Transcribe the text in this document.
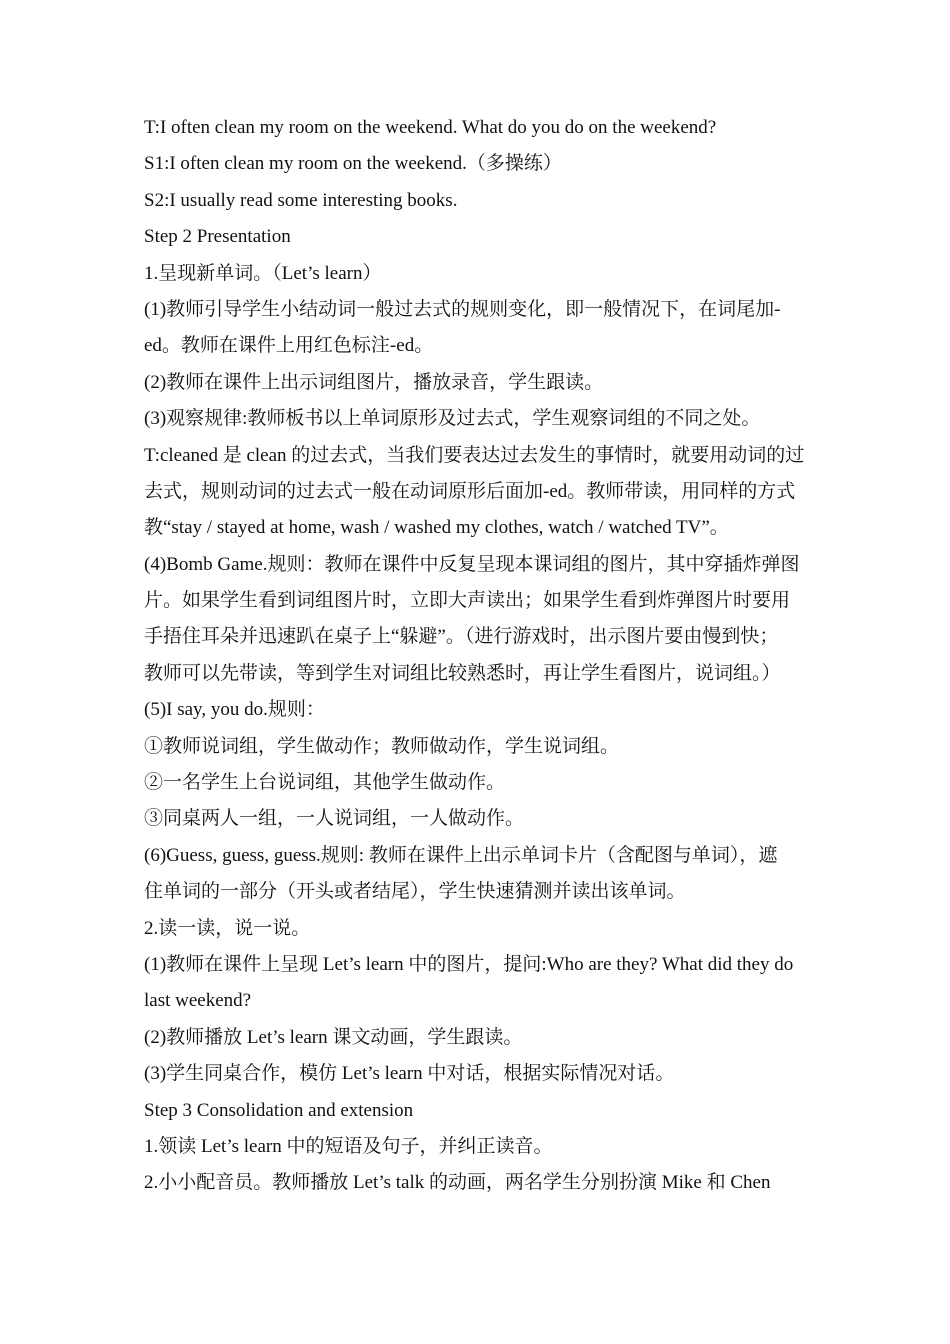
T:I often clean my room on the weekend. What do you do on the weekend?
S1:I often clean my room on the weekend.（多操练）
S2:I usually read some interesting books.
Step 2 Presentation
1.呈现新单词。（Let’s learn）
(1)教师引导学生小结动词一般过去式的规则变化，即一般情况下，在词尾加-
ed。教师在课件上用红色标注-ed。
(2)教师在课件上出示词组图片，播放录音，学生跟读。
(3)观察规律:教师板书以上单词原形及过去式，学生观察词组的不同之处。
T:cleaned 是 clean 的过去式，当我们要表达过去发生的事情时，就要用动词的过
去式，规则动词的过去式一般在动词原形后面加-ed。教师带读，用同样的方式
教“stay / stayed at home, wash / washed my clothes, watch / watched TV”。
(4)Bomb Game.规则：教师在课件中反复呈现本课词组的图片，其中穿插炸弹图
片。如果学生看到词组图片时，立即大声读出；如果学生看到炸弹图片时要用
手捂住耳朵并迅速趴在桌子上“躲避”。（进行游戏时，出示图片要由慢到快；
教师可以先带读，等到学生对词组比较熟悉时，再让学生看图片，说词组。）
(5)I say, you do.规则：
①教师说词组，学生做动作；教师做动作，学生说词组。
②一名学生上台说词组，其他学生做动作。
③同桌两人一组，一人说词组，一人做动作。
(6)Guess, guess, guess.规则: 教师在课件上出示单词卡片（含配图与单词），遮
住单词的一部分（开头或者结尾），学生快速猜测并读出该单词。
2.读一读，说一说。
(1)教师在课件上呈现 Let’s learn 中的图片，提问:Who are they? What did they do
last weekend?
(2)教师播放 Let’s learn 课文动画，学生跟读。
(3)学生同桌合作，模仿 Let’s learn 中对话，根据实际情况对话。
Step 3 Consolidation and extension
1.领读 Let’s learn 中的短语及句子，并纠正读音。
2.小小配音员。教师播放 Let’s talk 的动画，两名学生分别扮演 Mike 和 Chen
